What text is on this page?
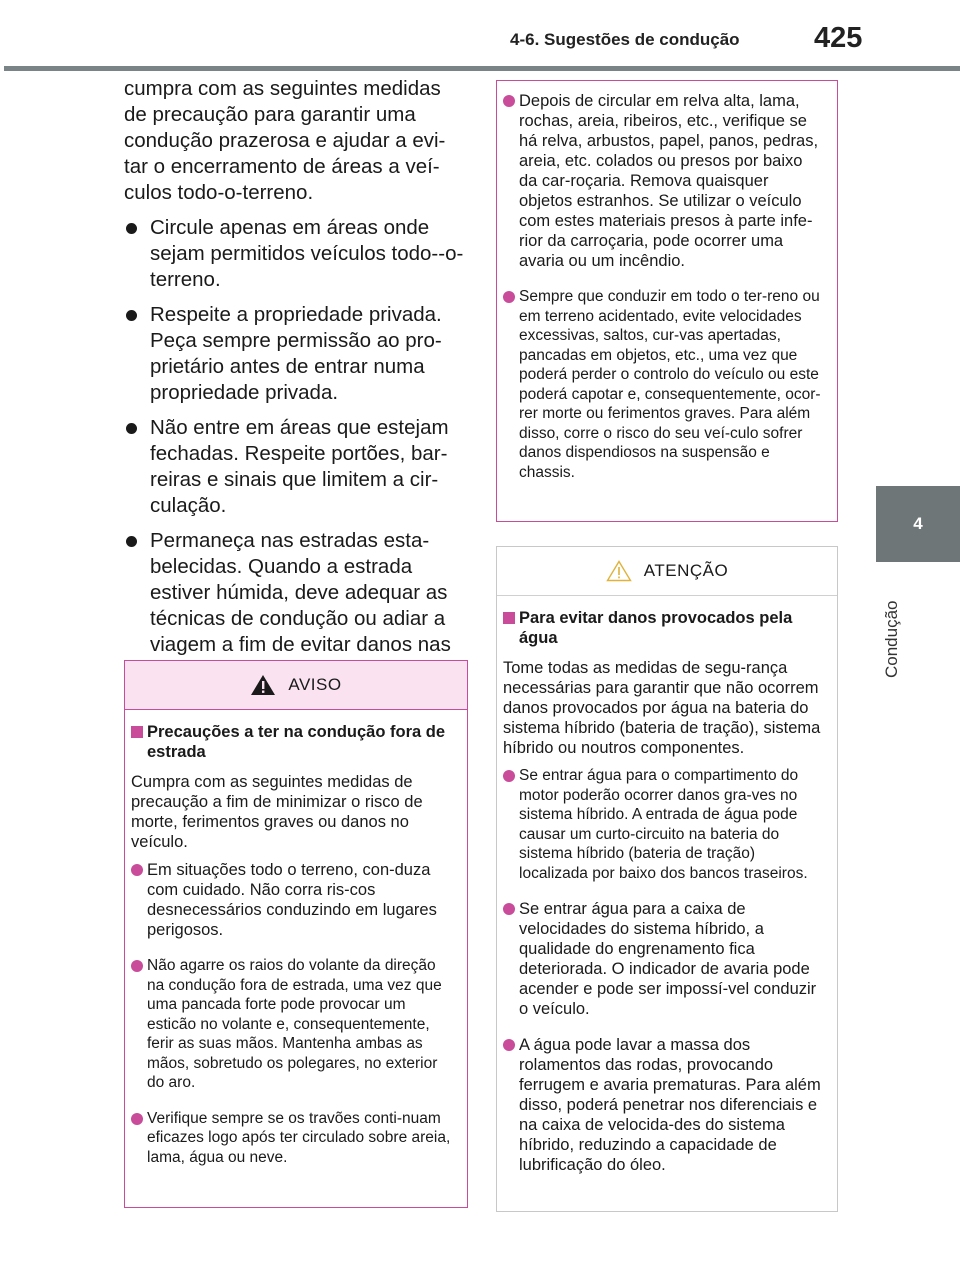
4-6. Sugestões de condução	425
4
Condução

cumpra com as seguintes medidas de precaução para garantir uma condução prazerosa e ajudar a evi-tar o encerramento de áreas a veí-culos todo-o-terreno.

Circule apenas em áreas onde sejam permitidos veículos todo--o-terreno.
Respeite a propriedade privada. Peça sempre permissão ao pro-prietário antes de entrar numa propriedade privada.
Não entre em áreas que estejam fechadas. Respeite portões, bar-reiras e sinais que limitem a cir-culação.
Permaneça nas estradas esta-belecidas. Quando a estrada estiver húmida, deve adequar as técnicas de condução ou adiar a viagem a fim de evitar danos nas
AVISO
Precauções a ter na condução fora de estrada

Cumpra com as seguintes medidas de precaução a fim de minimizar o risco de morte, ferimentos graves ou danos no veículo.

Em situações todo o terreno, con-duza com cuidado. Não corra ris-cos desnecessários conduzindo em lugares perigosos.
Não agarre os raios do volante da direção na condução fora de estrada, uma vez que uma pancada forte pode provocar um esticão no volante e, consequentemente, ferir as suas mãos. Mantenha ambas as mãos, sobretudo os polegares, no exterior do aro.
Verifique sempre se os travões conti-nuam eficazes logo após ter circulado sobre areia, lama, água ou neve.
Depois de circular em relva alta, lama, rochas, areia, ribeiros, etc., verifique se há relva, arbustos, papel, panos, pedras, areia, etc. colados ou presos por baixo da car-roçaria. Remova quaisquer objetos estranhos. Se utilizar o veículo com estes materiais presos à parte infe-rior da carroçaria, pode ocorrer uma avaria ou um incêndio.
Sempre que conduzir em todo o ter-reno ou em terreno acidentado, evite velocidades excessivas, saltos, cur-vas apertadas, pancadas em objetos, etc., uma vez que poderá perder o controlo do veículo ou este poderá capotar e, consequentemente, ocor-rer morte ou ferimentos graves. Para além disso, corre o risco do seu veí-culo sofrer danos dispendiosos na suspensão e chassis.
ATENÇÃO
Para evitar danos provocados pela água

Tome todas as medidas de segu-rança necessárias para garantir que não ocorrem danos provocados por água na bateria do sistema híbrido (bateria de tração), sistema híbrido ou noutros componentes.

Se entrar água para o compartimento do motor poderão ocorrer danos gra-ves no sistema híbrido. A entrada de água pode causar um curto-circuito na bateria do sistema híbrido (bateria de tração) localizada por baixo dos bancos traseiros.
Se entrar água para a caixa de velocidades do sistema híbrido, a qualidade do engrenamento fica deteriorada. O indicador de avaria pode acender e pode ser impossí-vel conduzir o veículo.
A água pode lavar a massa dos rolamentos das rodas, provocando ferrugem e avaria prematuras. Para além disso, poderá penetrar nos diferenciais e na caixa de velocida-des do sistema híbrido, reduzindo a capacidade de lubrificação do óleo.
